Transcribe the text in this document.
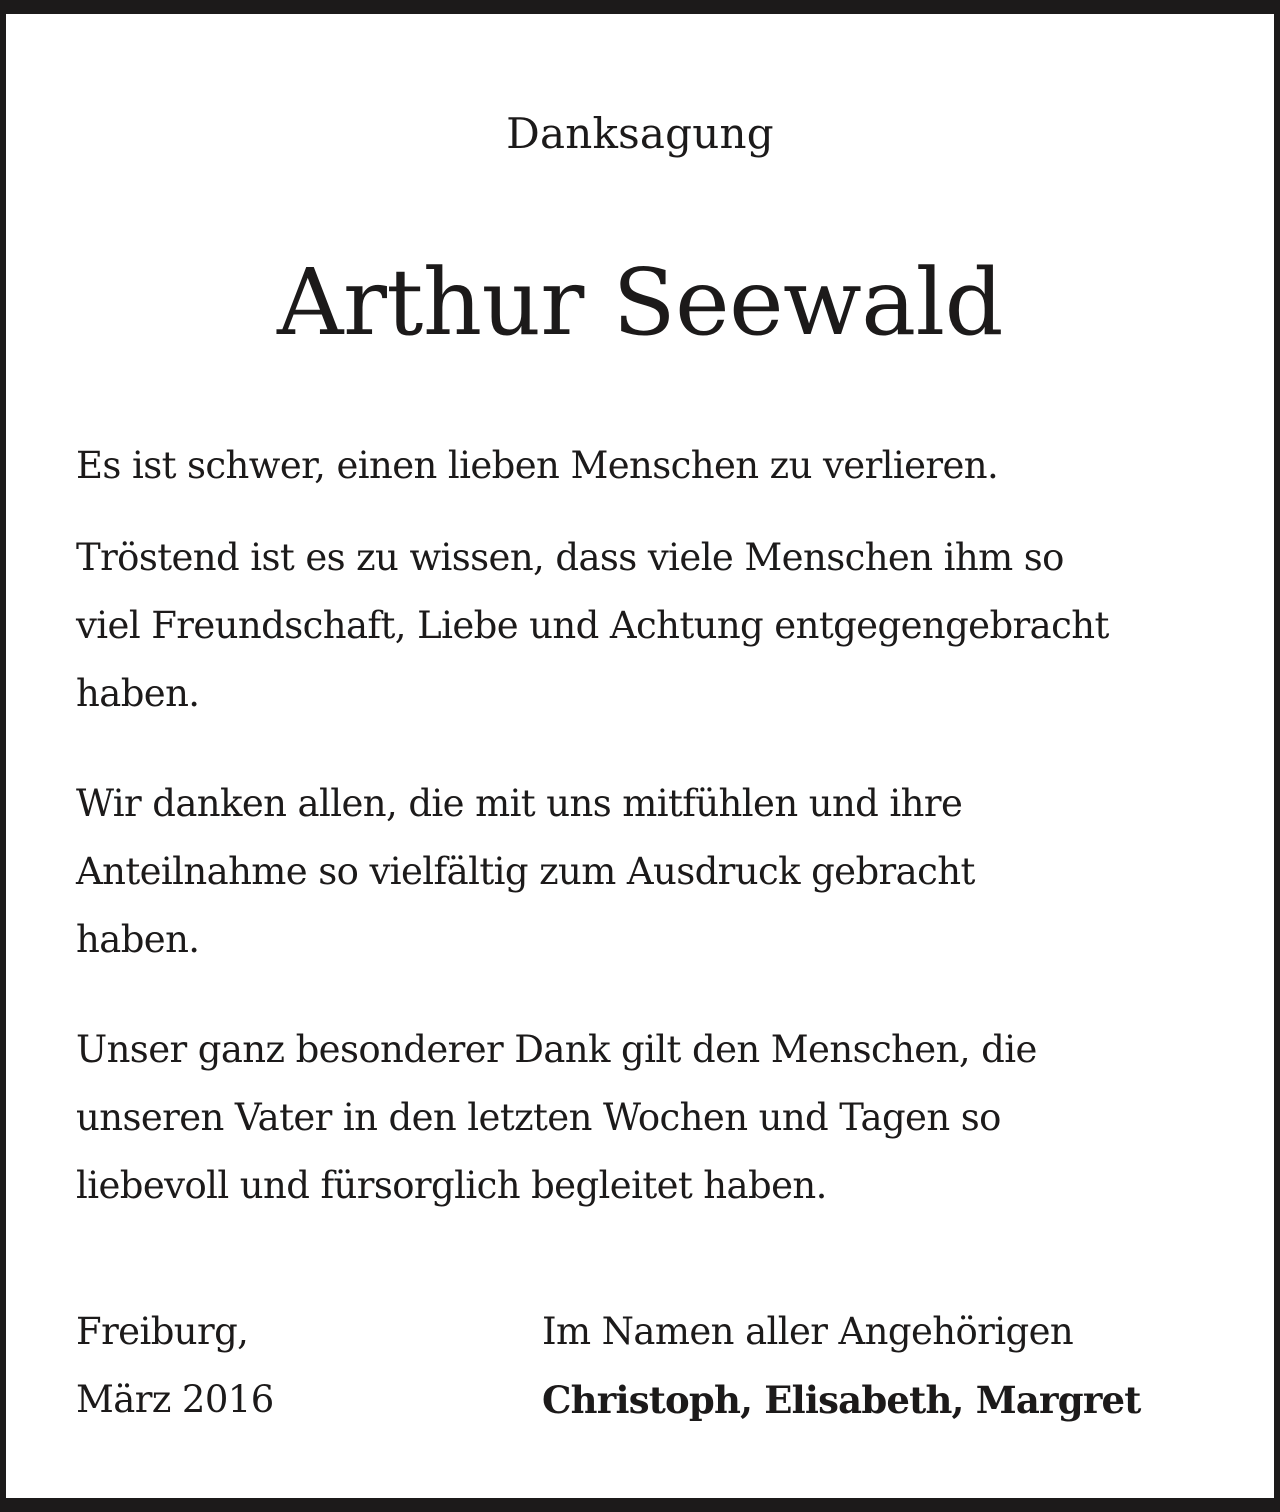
Danksagung
Arthur Seewald
Es ist schwer, einen lieben Menschen zu verlieren.
Tröstend ist es zu wissen, dass viele Menschen ihm so
viel Freundschaft, Liebe und Achtung entgegengebracht
haben.
Wir danken allen, die mit uns mitfühlen und ihre
Anteilnahme so vielfältig zum Ausdruck gebracht
haben.
Unser ganz besonderer Dank gilt den Menschen, die
unseren Vater in den letzten Wochen und Tagen so
liebevoll und fürsorglich begleitet haben.
Freiburg,
März 2016
Im Namen aller Angehörigen
Christoph, Elisabeth, Margret
